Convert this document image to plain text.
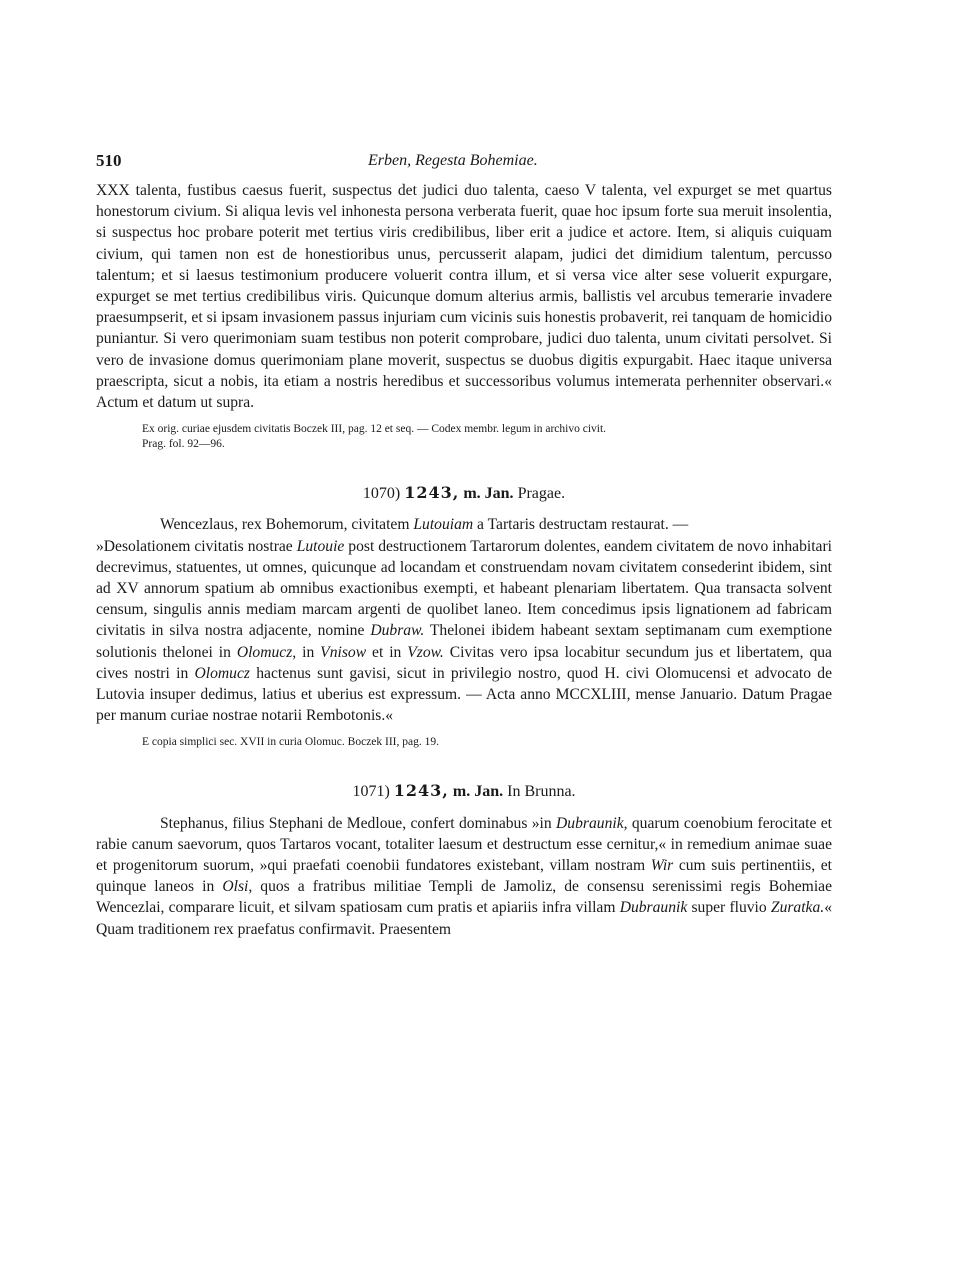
510	Erben, Regesta Bohemiae.

XXX talenta, fustibus caesus fuerit, suspectus det judici duo talenta, caeso V talenta, vel expurget se met quartus honestorum civium. Si aliqua levis vel inhonesta persona verberata fuerit, quae hoc ipsum forte sua meruit insolentia, si suspectus hoc probare poterit met tertius viris credibilibus, liber erit a judice et actore. Item, si aliquis cuiquam civium, qui tamen non est de honestioribus unus, percusserit alapam, judici det dimidium talentum, percusso talentum; et si laesus testimonium producere voluerit contra illum, et si versa vice alter sese voluerit expurgare, expurget se met tertius credibilibus viris. Quicunque domum alterius armis, ballistis vel arcubus temerarie invadere praesumpserit, et si ipsam invasionem passus injuriam cum vicinis suis honestis probaverit, rei tanquam de homicidio puniantur. Si vero querimoniam suam testibus non poterit comprobare, judici duo talenta, unum civitati persolvet. Si vero de invasione domus querimoniam plane moverit, suspectus se duobus digitis expurgabit. Haec itaque universa praescripta, sicut a nobis, ita etiam a nostris heredibus et successoribus volumus intemerata perhenniter observari.« Actum et datum ut supra.

Ex orig. curiae ejusdem civitatis Boczek III, pag. 12 et seq. — Codex membr. legum in archivo civit.
Prag. fol. 92—96.

1070) 1243, m. Jan. Pragae.

Wencezlaus, rex Bohemorum, civitatem Lutouiam a Tartaris destructam restaurat. —

»Desolationem civitatis nostrae Lutouie post destructionem Tartarorum dolentes, eandem civitatem de novo inhabitari decrevimus, statuentes, ut omnes, quicunque ad locandam et construendam novam civitatem consederint ibidem, sint ad XV annorum spatium ab omnibus exactionibus exempti, et habeant plenariam libertatem. Qua transacta solvent censum, singulis annis mediam marcam argenti de quolibet laneo. Item concedimus ipsis lignationem ad fabricam civitatis in silva nostra adjacente, nomine Dubraw. Thelonei ibidem habeant sextam septimanam cum exemptione solutionis thelonei in Olomucz, in Vnisow et in Vzow. Civitas vero ipsa locabitur secundum jus et libertatem, qua cives nostri in Olomucz hactenus sunt gavisi, sicut in privilegio nostro, quod H. civi Olomucensi et advocato de Lutovia insuper dedimus, latius et uberius est expressum. — Acta anno MCCXLIII, mense Januario. Datum Pragae per manum curiae nostrae notarii Rembotonis.«

E copia simplici sec. XVII in curia Olomuc. Boczek III, pag. 19.

1071) 1243, m. Jan. In Brunna.

Stephanus, filius Stephani de Medloue, confert dominabus »in Dubraunik, quarum coenobium ferocitate et rabie canum saevorum, quos Tartaros vocant, totaliter laesum et destructum esse cernitur,« in remedium animae suae et progenitorum suorum, »qui praefati coenobii fundatores existebant, villam nostram Wir cum suis pertinentiis, et quinque laneos in Olsi, quos a fratribus militiae Templi de Jamoliz, de consensu serenissimi regis Bohemiae Wencezlai, comparare licuit, et silvam spatiosam cum pratis et apiariis infra villam Dubraunik super fluvio Zuratka.« Quam traditionem rex praefatus confirmavit. Praesentem
